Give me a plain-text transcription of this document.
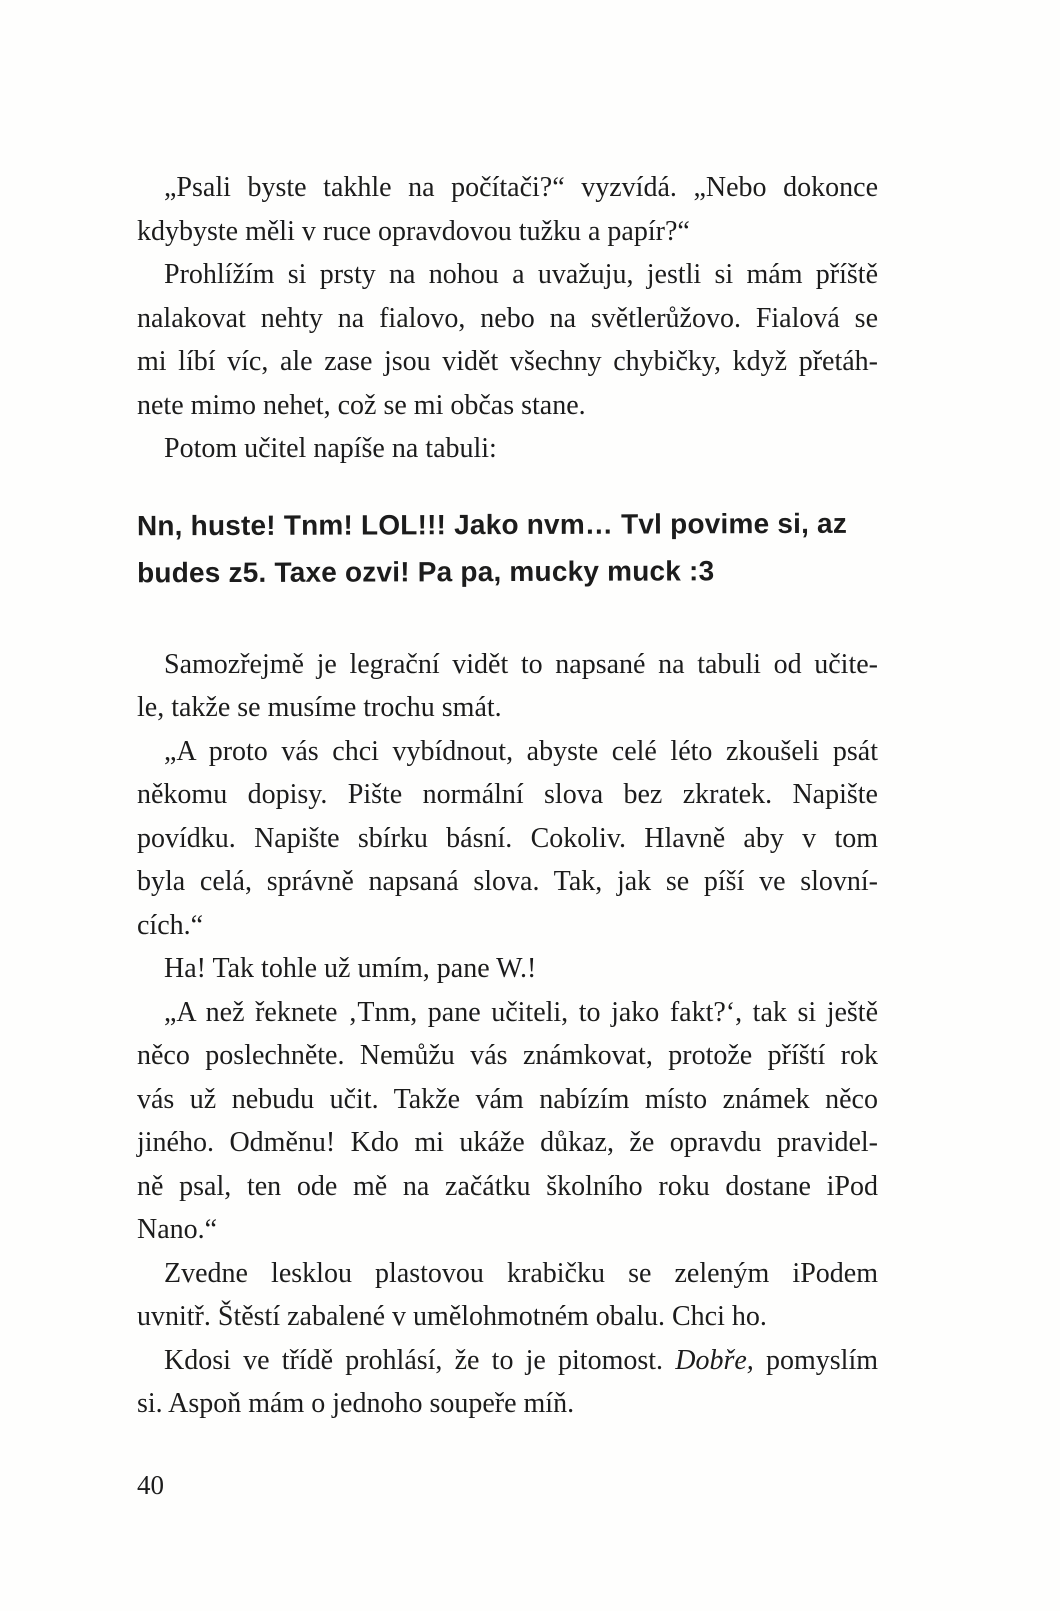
„Psali byste takhle na počítači?“ vyzvídá. „Nebo dokonce
kdybyste měli v ruce opravdovou tužku a papír?“
Prohlížím si prsty na nohou a uvažuju, jestli si mám příště
nalakovat nehty na fialovo, nebo na světlerůžovo. Fialová se
mi líbí víc, ale zase jsou vidět všechny chybičky, když přetáh-
nete mimo nehet, což se mi občas stane.
Potom učitel napíše na tabuli:
Nn, huste! Tnm! LOL!!! Jako nvm… Tvl povime si, az
budes z5. Taxe ozvi! Pa pa, mucky muck :3
Samozřejmě je legrační vidět to napsané na tabuli od učite-
le, takže se musíme trochu smát.
„A proto vás chci vybídnout, abyste celé léto zkoušeli psát
někomu dopisy. Pište normální slova bez zkratek. Napište
povídku. Napište sbírku básní. Cokoliv. Hlavně aby v tom
byla celá, správně napsaná slova. Tak, jak se píší ve slovní-
cích.“
Ha! Tak tohle už umím, pane W.!
„A než řeknete ‚Tnm, pane učiteli, to jako fakt?‘, tak si ještě
něco poslechněte. Nemůžu vás známkovat, protože příští rok
vás už nebudu učit. Takže vám nabízím místo známek něco
jiného. Odměnu! Kdo mi ukáže důkaz, že opravdu pravidel-
ně psal, ten ode mě na začátku školního roku dostane iPod
Nano.“
Zvedne lesklou plastovou krabičku se zeleným iPodem
uvnitř. Štěstí zabalené v umělohmotném obalu. Chci ho.
Kdosi ve třídě prohlásí, že to je pitomost. Dobře, pomyslím
si. Aspoň mám o jednoho soupeře míň.
40
